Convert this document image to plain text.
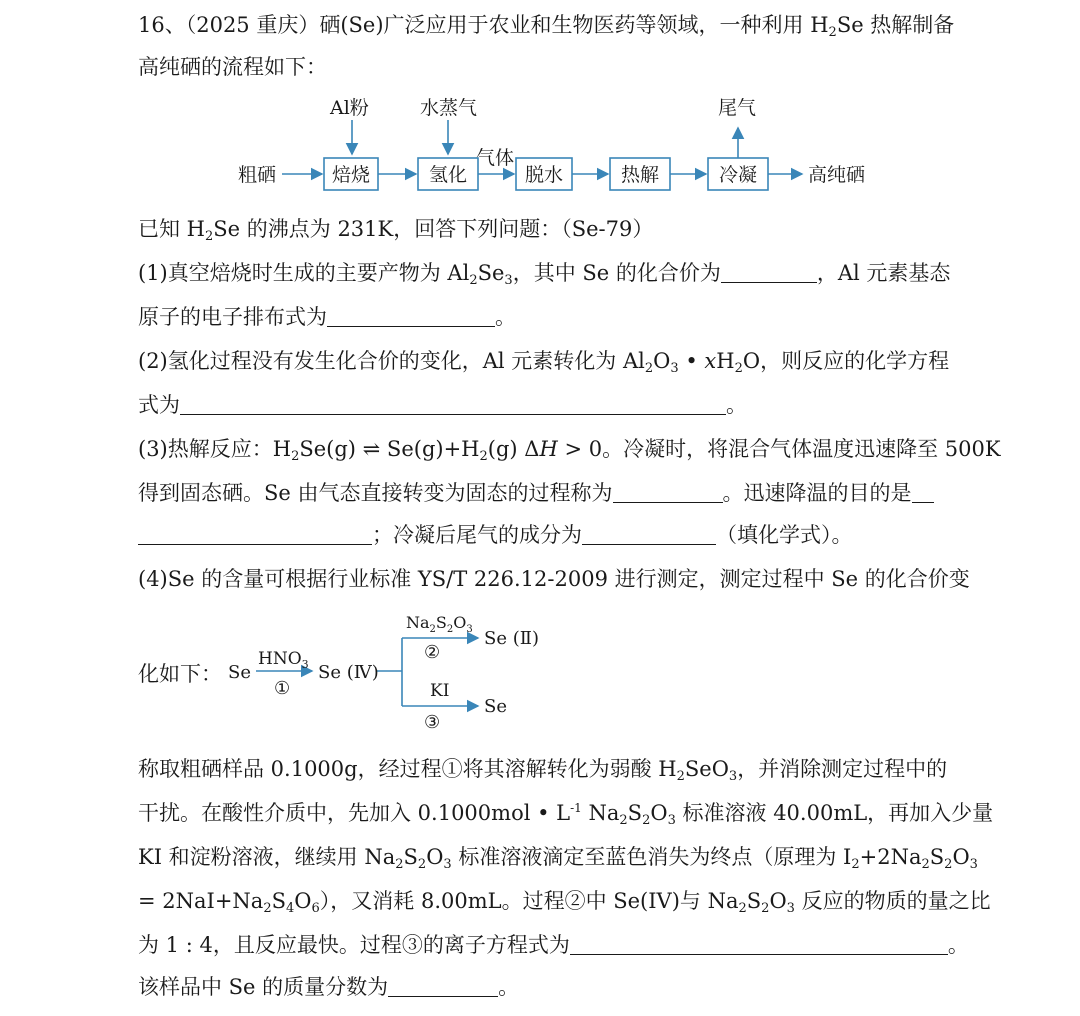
16、（2025 重庆）硒(Se)广泛应用于农业和生物医药等领域，一种利用 $H_2Se$ 热解制备
高纯硒的流程如下：
粗硒	焙烧	氢化	脱水	热解	冷凝	高纯硒
Al粉	水蒸气
气体
尾气
已知 $H_2Se$ 的沸点为 231K，回答下列问题：（Se-79）
(1)真空焙烧时生成的主要产物为 $Al_2Se_3$，其中 Se 的化合价为	，Al 元素基态
原子的电子排布式为	。
(2)氢化过程没有发生化合价的变化，Al 元素转化为 $Al_2O_3$ • $xH_2O$，则反应的化学方程
式为	。
(3)热解反应：$H_2Se(g)$ ⇌ $Se(g)+H_2(g) \Delta H > 0$。冷凝时，将混合气体温度迅速降至 500K
得到固态硒。Se 由气态直接转变为固态的过程称为	。迅速降温的目的是
；冷凝后尾气的成分为	（填化学式）。
(4)Se 的含量可根据行业标准 YS/T 226.12-2009 进行测定，测定过程中 Se 的化合价变
化如下： Se
$HNO_3$
①
Se (Ⅳ)
$Na_2S_2O_3$
②
Se (Ⅱ)
KI
③
Se
称取粗硒样品 0.1000g，经过程①将其溶解转化为弱酸 $H_2SeO_3$，并消除测定过程中的
干扰。在酸性介质中，先加入 0.1000mol • $L^{-1}$ $Na_2S_2O_3$ 标准溶液 40.00mL，再加入少量
KI 和淀粉溶液，继续用 $Na_2S_2O_3$ 标准溶液滴定至蓝色消失为终点（原理为 $I_2+2Na_2S_2O_3$
= $2NaI+Na_2S_4O_6$），又消耗 8.00mL。过程②中 Se(IV)与 $Na_2S_2O_3$ 反应的物质的量之比
为 1 : 4，且反应最快。过程③的离子方程式为	。
该样品中 Se 的质量分数为	。
